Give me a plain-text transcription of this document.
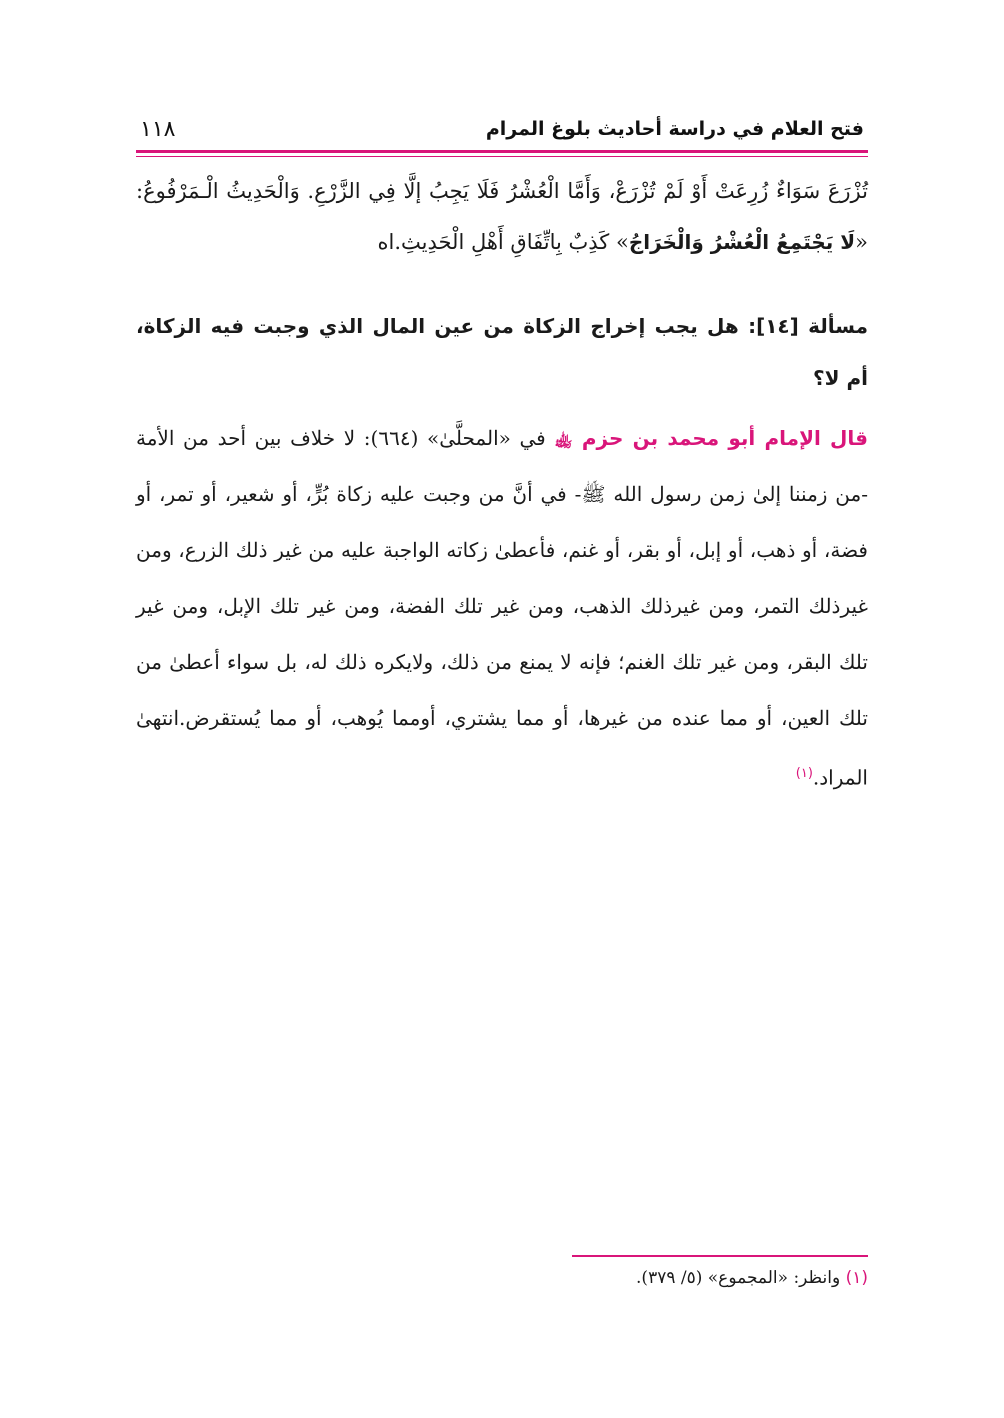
١١٨	فتح العلام في دراسة أحاديث بلوغ المرام
تُزْرَعَ سَوَاءٌ زُرِعَتْ أَوْ لَمْ تُزْرَعْ، وَأَمَّا الْعُشْرُ فَلَا يَجِبُ إلَّا فِي الزَّرْعِ. وَالْحَدِيثُ الْـمَرْفُوعُ: «لَا يَجْتَمِعُ الْعُشْرُ وَالْخَرَاجُ» كَذِبٌ بِاتِّفَاقِ أَهْلِ الْحَدِيثِ.اه
مسألة [١٤]: هل يجب إخراج الزكاة من عين المال الذي وجبت فيه الزكاة، أم لا؟
قال الإمام أبو محمد بن حزم ﵀ في «المحلَّىٰ» (٦٦٤): لا خلاف بين أحد من الأمة -من زمننا إلىٰ زمن رسول الله ﷺ- في أنَّ من وجبت عليه زكاة بُرٍّ، أو شعير، أو تمر، أو فضة، أو ذهب، أو إبل، أو بقر، أو غنم، فأعطىٰ زكاته الواجبة عليه من غير ذلك الزرع، ومن غيرذلك التمر، ومن غيرذلك الذهب، ومن غير تلك الفضة، ومن غير تلك الإبل، ومن غير تلك البقر، ومن غير تلك الغنم؛ فإنه لا يمنع من ذلك، ولايكره ذلك له، بل سواء أعطىٰ من تلك العين، أو مما عنده من غيرها، أو مما يشتري، أومما يُوهب، أو مما يُستقرض.انتهىٰ المراد.$^{(١)}$
(١) وانظر: «المجموع» (٥/ ٣٧٩).
